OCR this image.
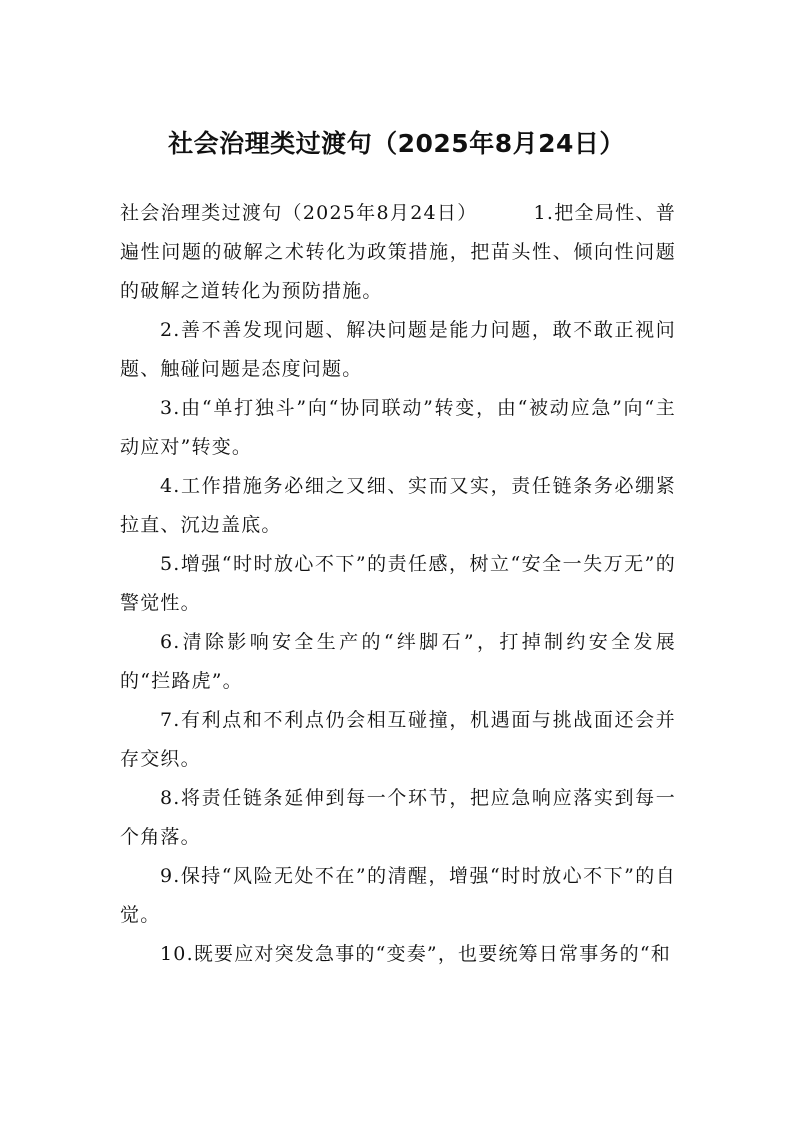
社会治理类过渡句（2025年8月24日）

社会治理类过渡句（2025年8月24日）	1.把全局性、普遍性问题的破解之术转化为政策措施，把苗头性、倾向性问题的破解之道转化为预防措施。

2.善不善发现问题、解决问题是能力问题，敢不敢正视问题、触碰问题是态度问题。

3.由“单打独斗”向“协同联动”转变，由“被动应急”向“主动应对”转变。

4.工作措施务必细之又细、实而又实，责任链条务必绷紧拉直、沉边盖底。

5.增强“时时放心不下”的责任感，树立“安全一失万无”的警觉性。

6.清除影响安全生产的“绊脚石”，打掉制约安全发展的“拦路虎”。

7.有利点和不利点仍会相互碰撞，机遇面与挑战面还会并存交织。

8.将责任链条延伸到每一个环节，把应急响应落实到每一个角落。

9.保持“风险无处不在”的清醒，增强“时时放心不下”的自觉。

10.既要应对突发急事的“变奏”，也要统筹日常事务的“和
